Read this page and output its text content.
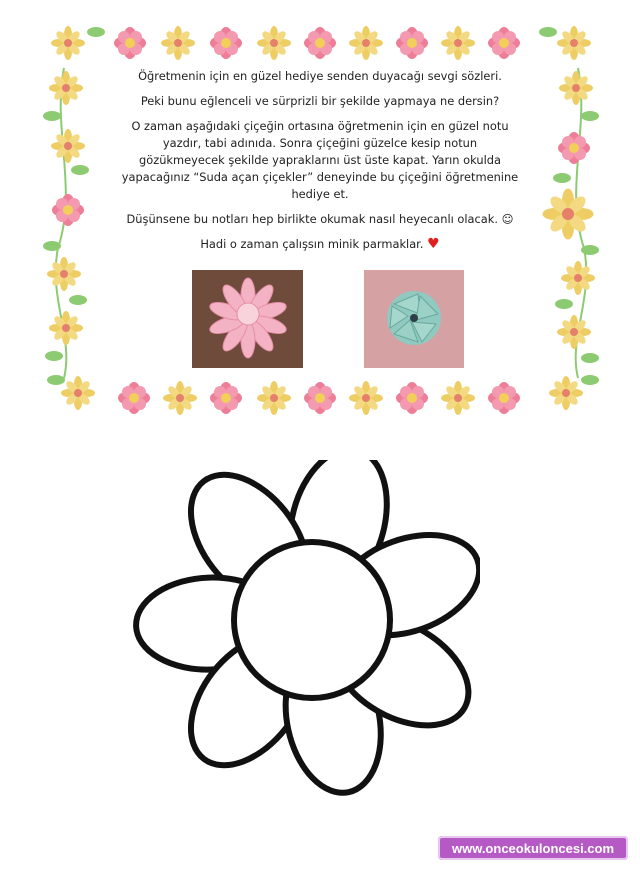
Öğretmenin için en güzel hediye senden duyacağı sevgi sözleri.

Peki bunu eğlenceli ve sürprizli bir şekilde yapmaya ne dersin?

O zaman aşağıdaki çiçeğin ortasına öğretmenin için en güzel notu yazdır, tabi adınıda. Sonra çiçeğini güzelce kesip notun gözükmeyecek şekilde yapraklarını üst üste kapat. Yarın okulda yapacağınız “Suda açan çiçekler” deneyinde bu çiçeğini öğretmenine hediye et.

Düşünsene bu notları hep birlikte okumak nasıl heyecanlı olacak. ☺

Hadi o zaman çalışsın minik parmaklar. ♥

www.onceokuloncesi.com
